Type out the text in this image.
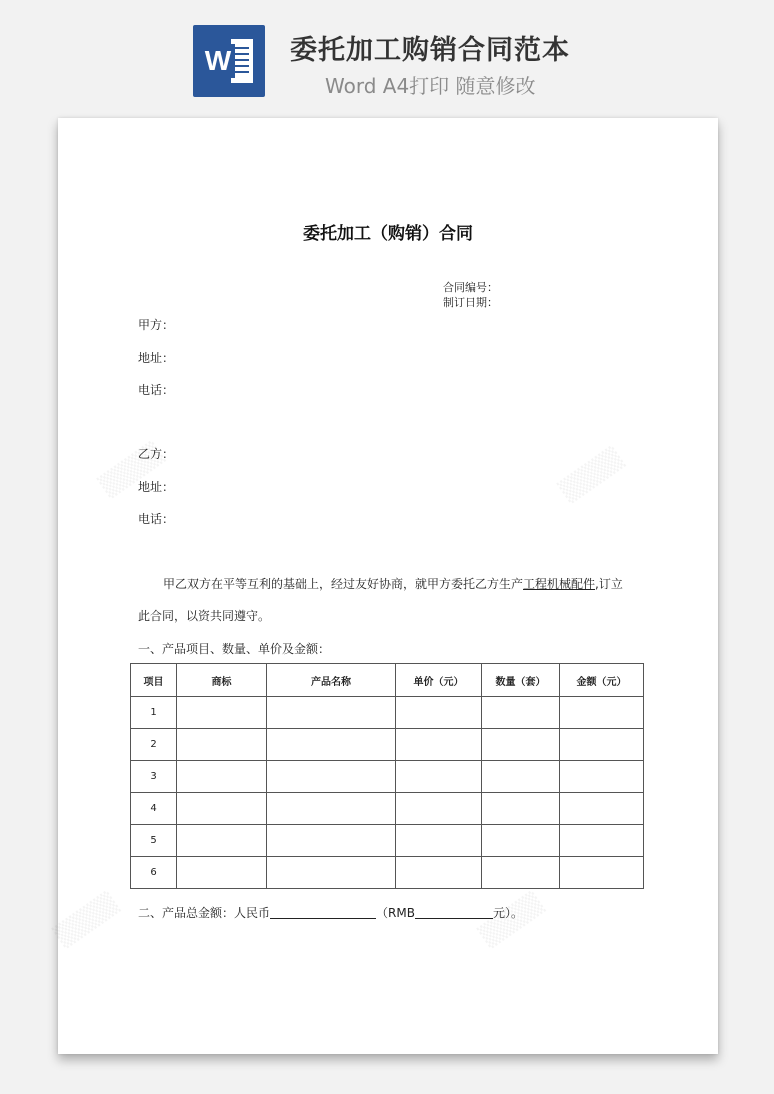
W 委托加工购销合同范本
Word A4打印 随意修改
委托加工（购销）合同
合同编号：
制订日期：
甲方：
地址：
电话：
乙方：
地址：
电话：
甲乙双方在平等互利的基础上，经过友好协商，就甲方委托乙方生产工程机械配件,订立
此合同，以资共同遵守。
一、产品项目、数量、单价及金额：
项目	商标	产品名称	单价（元）	数量（套）	金额（元）
1					
2					
3					
4					
5					
6					
二、产品总金额：人民币	（RMB	元）。
